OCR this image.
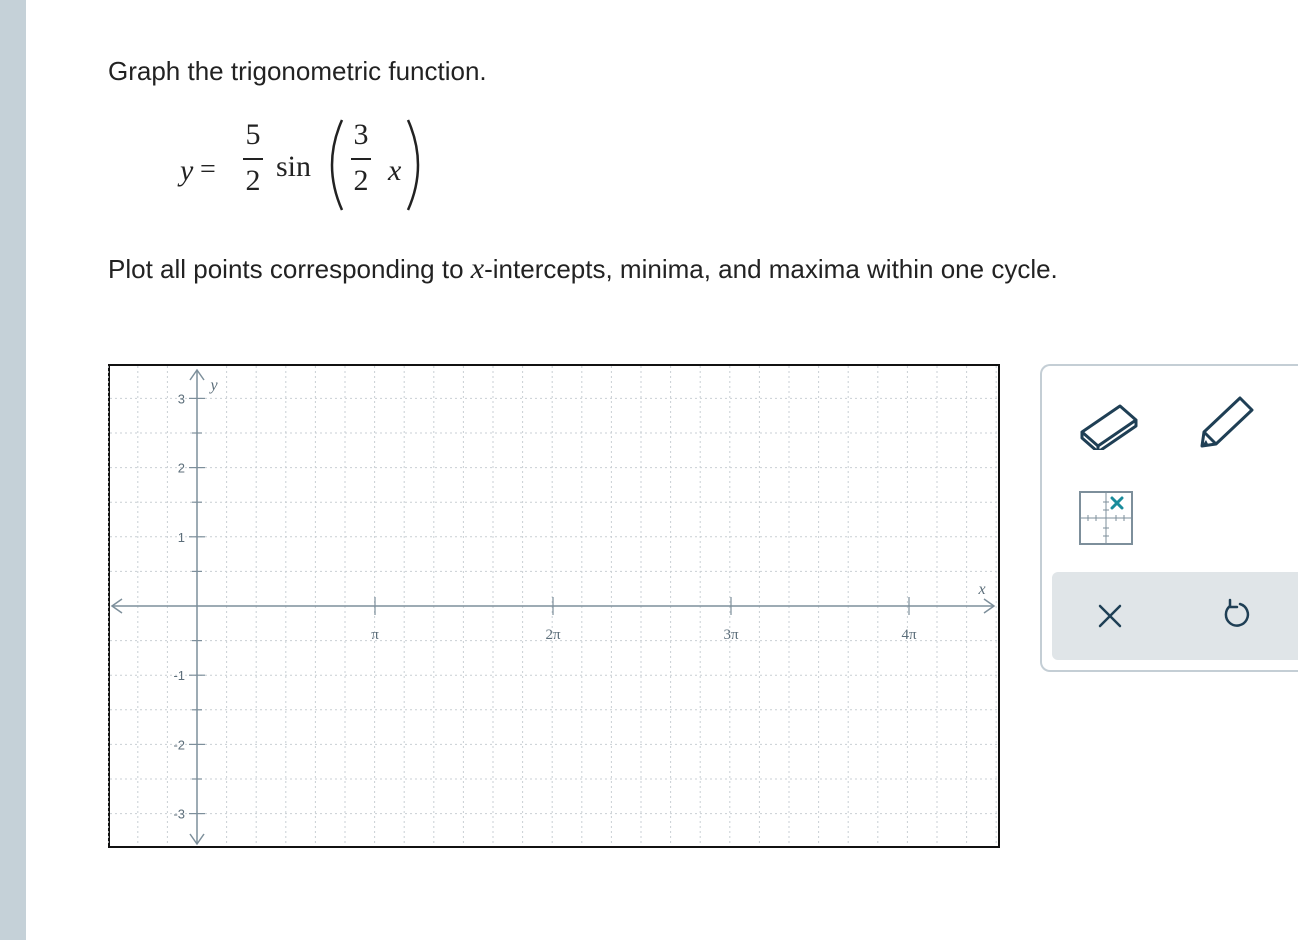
Graph the trigonometric function.
y =
5
2 sin
3
2 x
Plot all points corresponding to x-intercepts, minima, and maxima within one cycle.
3
2
1
-1
-2
-3
π	2π	3π	4π
x
y
